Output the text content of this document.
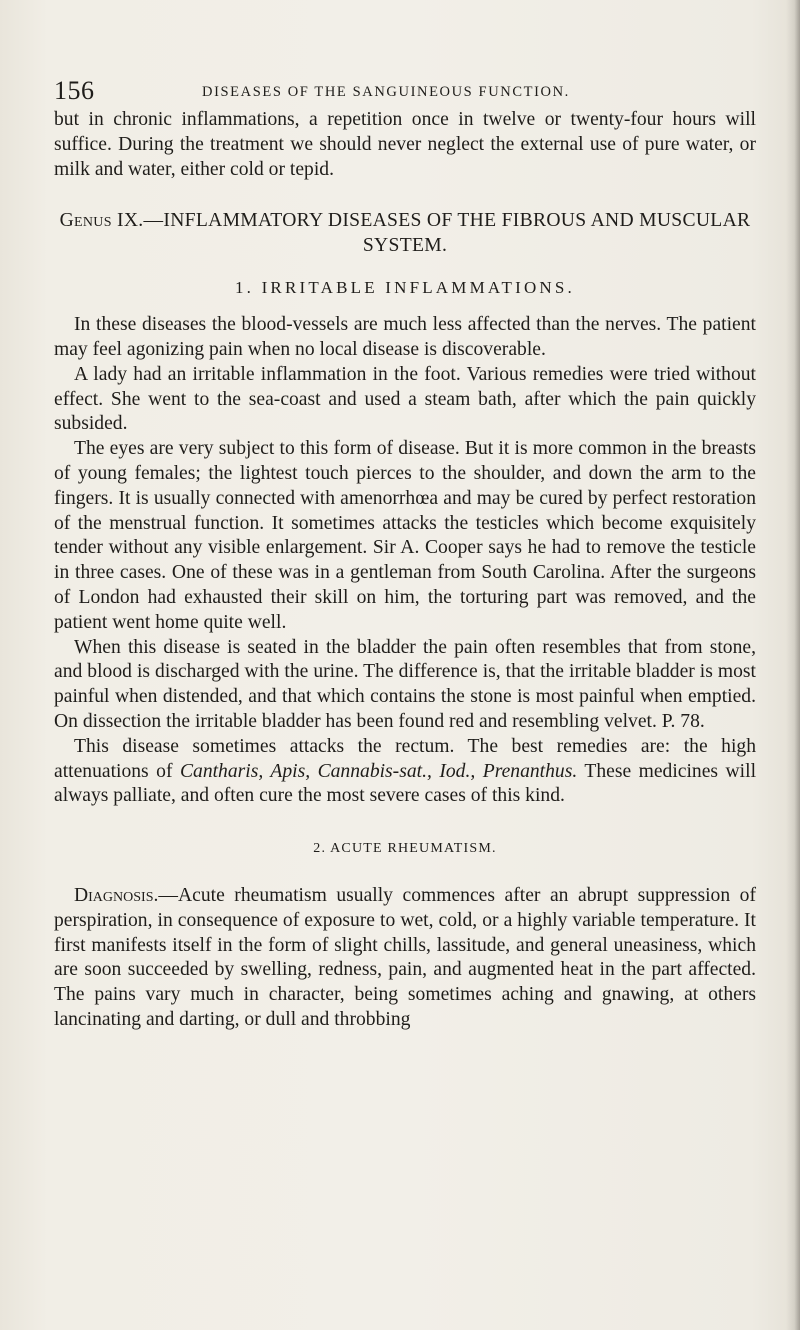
156	DISEASES OF THE SANGUINEOUS FUNCTION.

but in chronic inflammations, a repetition once in twelve or twenty-four hours will suffice. During the treatment we should never neglect the external use of pure water, or milk and water, either cold or tepid.

Genus IX.—INFLAMMATORY DISEASES OF THE FIBROUS AND MUSCULAR SYSTEM.
1. IRRITABLE INFLAMMATIONS.

In these diseases the blood-vessels are much less affected than the nerves. The patient may feel agonizing pain when no local disease is discoverable.

A lady had an irritable inflammation in the foot. Various remedies were tried without effect. She went to the sea-coast and used a steam bath, after which the pain quickly subsided.

The eyes are very subject to this form of disease. But it is more common in the breasts of young females; the lightest touch pierces to the shoulder, and down the arm to the fingers. It is usually connected with amenorrhœa and may be cured by perfect restoration of the menstrual function. It sometimes attacks the testicles which become exquisitely tender without any visible enlargement. Sir A. Cooper says he had to remove the testicle in three cases. One of these was in a gentleman from South Carolina. After the surgeons of London had exhausted their skill on him, the torturing part was removed, and the patient went home quite well.

When this disease is seated in the bladder the pain often resembles that from stone, and blood is discharged with the urine. The difference is, that the irritable bladder is most painful when distended, and that which contains the stone is most painful when emptied. On dissection the irritable bladder has been found red and resembling velvet. P. 78.

This disease sometimes attacks the rectum. The best remedies are: the high attenuations of Cantharis, Apis, Cannabis-sat., Iod., Prenanthus. These medicines will always palliate, and often cure the most severe cases of this kind.

2. ACUTE RHEUMATISM.

Diagnosis.—Acute rheumatism usually commences after an abrupt suppression of perspiration, in consequence of exposure to wet, cold, or a highly variable temperature. It first manifests itself in the form of slight chills, lassitude, and general uneasiness, which are soon succeeded by swelling, redness, pain, and augmented heat in the part affected. The pains vary much in character, being sometimes aching and gnawing, at others lancinating and darting, or dull and throbbing
